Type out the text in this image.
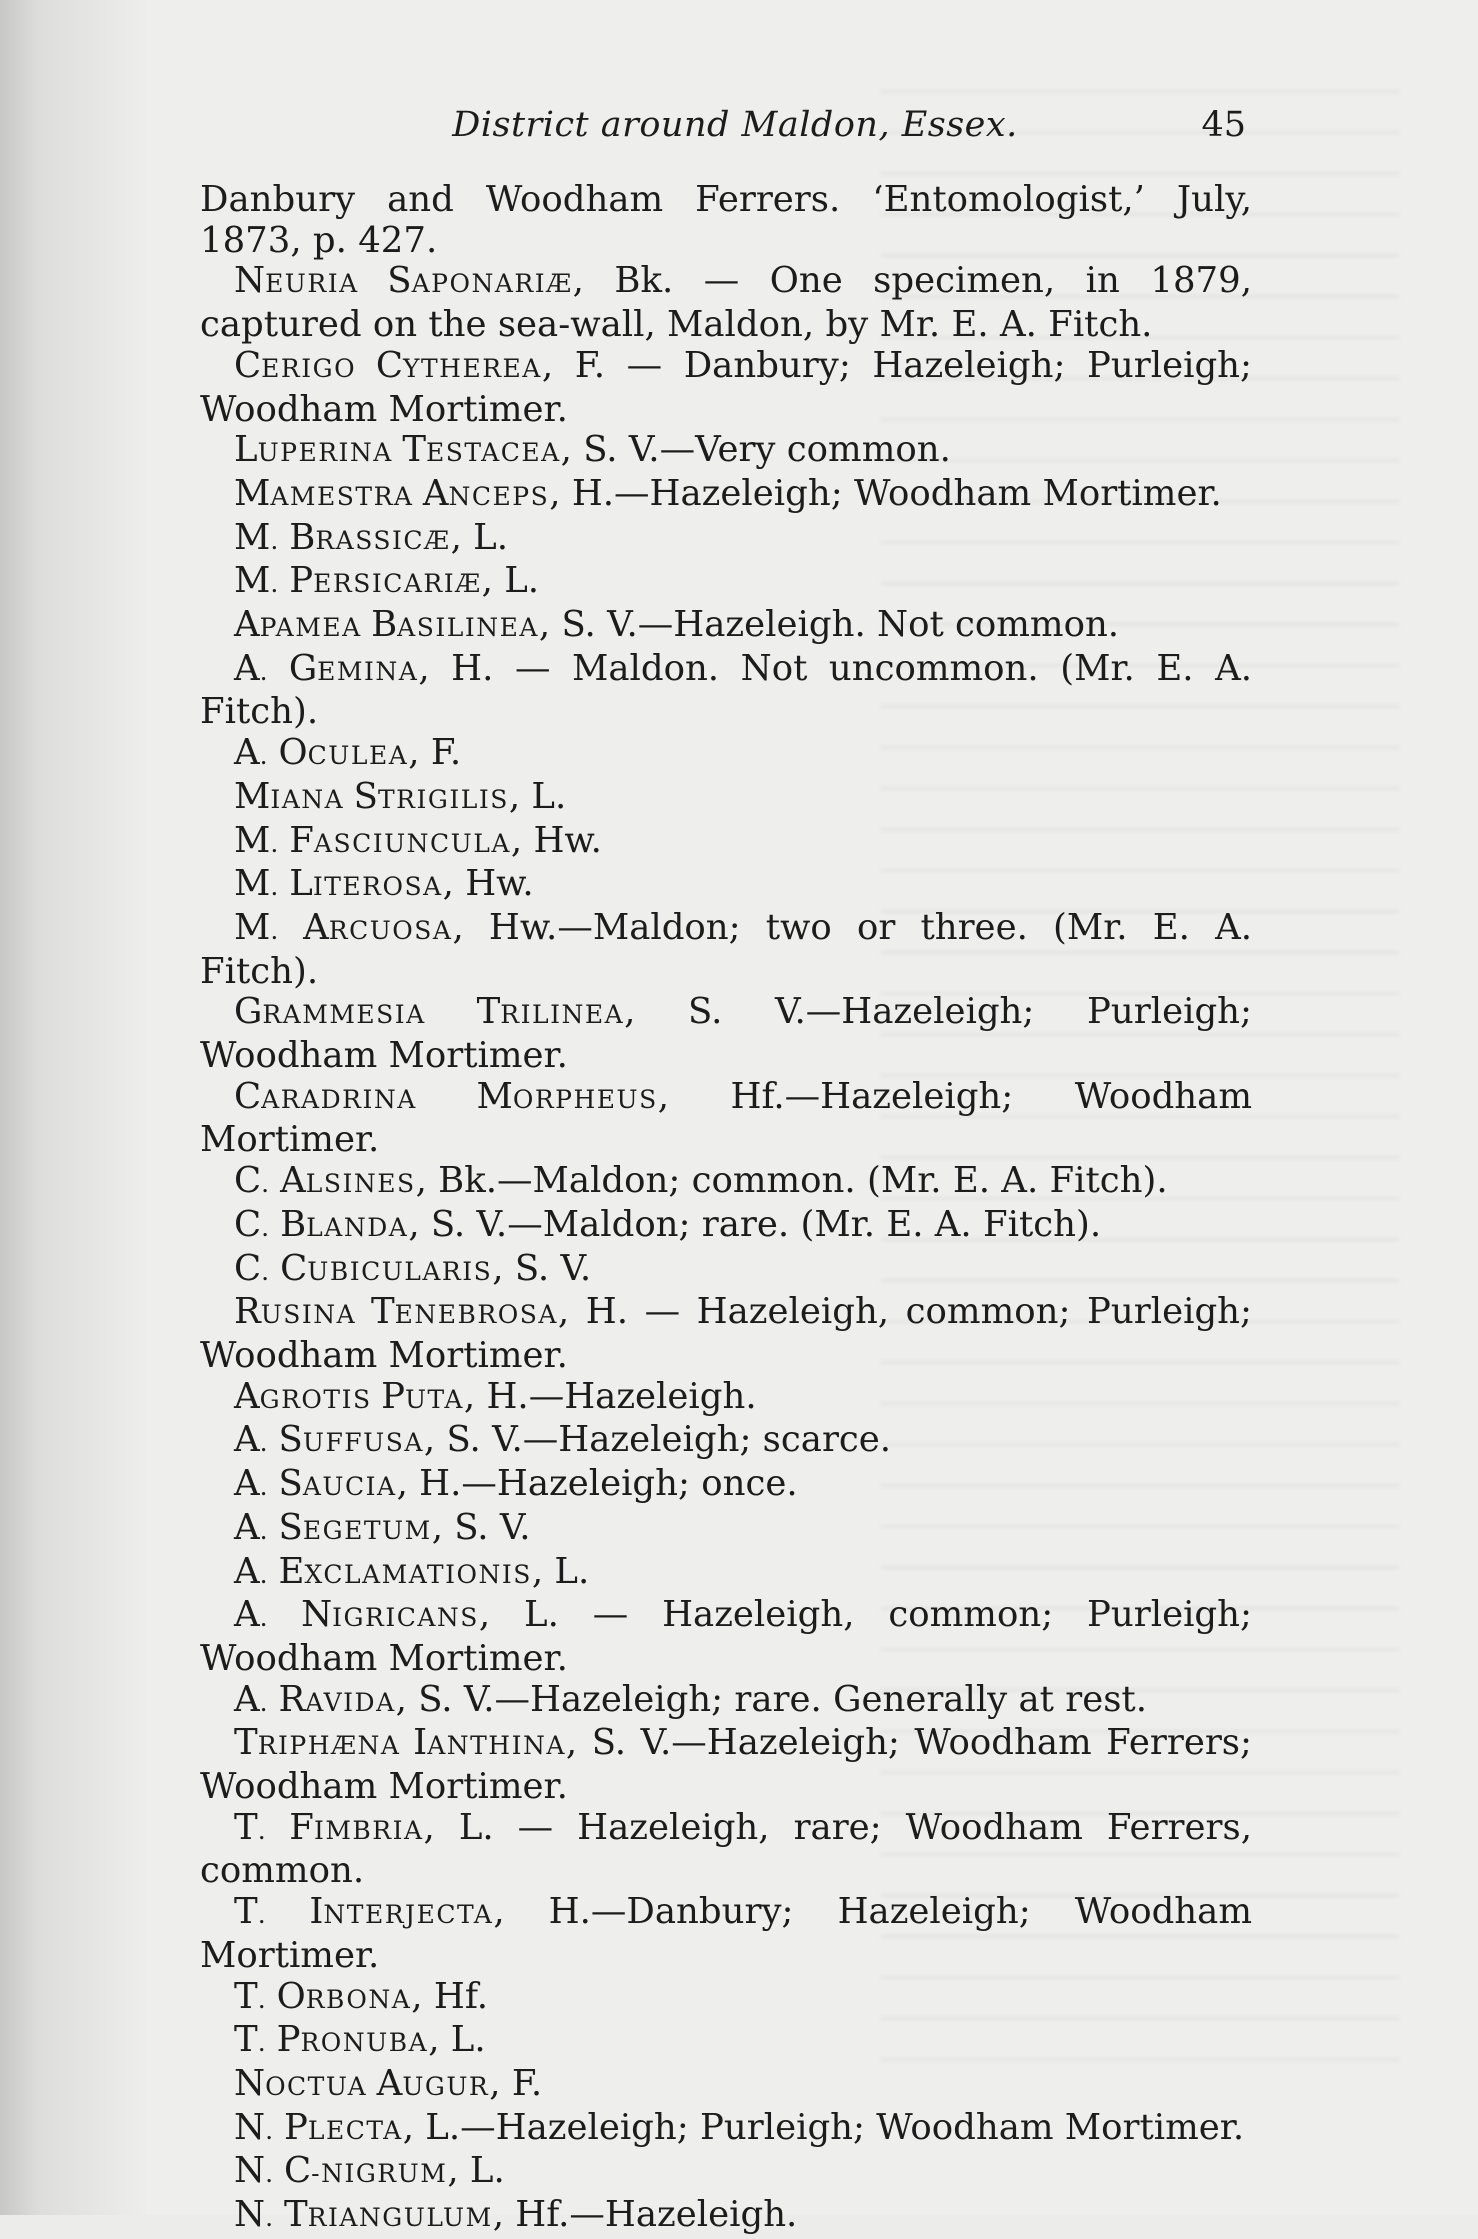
District around Maldon, Essex.	45

Danbury and Woodham Ferrers. ‘Entomologist,’ July, 1873, p. 427.

NEURIA SAPONARIÆ, Bk. — One specimen, in 1879, captured on the sea-wall, Maldon, by Mr. E. A. Fitch.

CERIGO CYTHEREA, F. — Danbury; Hazeleigh; Purleigh; Woodham Mortimer.

LUPERINA TESTACEA, S. V.—Very common.

MAMESTRA ANCEPS, H.—Hazeleigh; Woodham Mortimer.

M. BRASSICÆ, L.

M. PERSICARIÆ, L.

APAMEA BASILINEA, S. V.—Hazeleigh. Not common.

A. GEMINA, H. — Maldon. Not uncommon. (Mr. E. A. Fitch).

A. OCULEA, F.

MIANA STRIGILIS, L.

M. FASCIUNCULA, Hw.

M. LITEROSA, Hw.

M. ARCUOSA, Hw.—Maldon; two or three. (Mr. E. A. Fitch).

GRAMMESIA TRILINEA, S. V.—Hazeleigh; Purleigh; Woodham Mortimer.

CARADRINA MORPHEUS, Hf.—Hazeleigh; Woodham Mortimer.

C. ALSINES, Bk.—Maldon; common. (Mr. E. A. Fitch).

C. BLANDA, S. V.—Maldon; rare. (Mr. E. A. Fitch).

C. CUBICULARIS, S. V.

RUSINA TENEBROSA, H. — Hazeleigh, common; Purleigh; Woodham Mortimer.

AGROTIS PUTA, H.—Hazeleigh.

A. SUFFUSA, S. V.—Hazeleigh; scarce.

A. SAUCIA, H.—Hazeleigh; once.

A. SEGETUM, S. V.

A. EXCLAMATIONIS, L.

A. NIGRICANS, L. — Hazeleigh, common; Purleigh; Woodham Mortimer.

A. RAVIDA, S. V.—Hazeleigh; rare. Generally at rest.

TRIPHÆNA IANTHINA, S. V.—Hazeleigh; Woodham Ferrers; Woodham Mortimer.

T. FIMBRIA, L. — Hazeleigh, rare; Woodham Ferrers, common.

T. INTERJECTA, H.—Danbury; Hazeleigh; Woodham Mortimer.

T. ORBONA, Hf.

T. PRONUBA, L.

NOCTUA AUGUR, F.

N. PLECTA, L.—Hazeleigh; Purleigh; Woodham Mortimer.

N. C-NIGRUM, L.

N. TRIANGULUM, Hf.—Hazeleigh.
